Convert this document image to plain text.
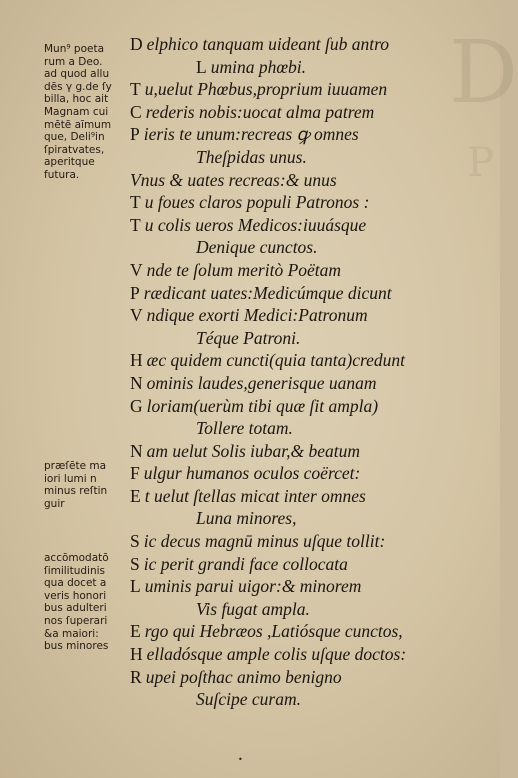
D
P
Mun⁹ poeta
rum a Deo.
ad quod allu
dēs γ g.de ſy
billa, hoc ait
Magnam cui
mētē aīmum
que, Deli⁹in
ſpiratvates,
aperitque
futura.
præſēte ma
iori lumi n
minus reſtin
guir
accōmodatō
ſimilitudinis
qua docet a
veris honori
bus adulteri
nos ſuperari
&a maiori:
bus minores
D elphico tanquam uideant ſub antro
L umina phœbi.
T u,uelut Phœbus,proprium iuuamen
C rederis nobis:uocat alma patrem
P ieris te unum:recreas ꝙ omnes
Theſpidas unus.
Vnus & uates recreas:& unus
T u foues claros populi Patronos :
T u colis ueros Medicos:iuuásque
Denique cunctos.
V nde te ſolum meritò Poëtam
P rædicant uates:Medicúmque dicunt
V ndique exorti Medici:Patronum
Téque Patroni.
H æc quidem cuncti(quia tanta)credunt
N ominis laudes,generisque uanam
G loriam(uerùm tibi quæ ſit ampla)
Tollere totam.
N am uelut Solis iubar,& beatum
F ulgur humanos oculos coërcet:
E t uelut ſtellas micat inter omnes
Luna minores,
S ic decus magnū minus uſque tollit:
S ic perit grandi face collocata
L uminis parui uigor:& minorem
Vis fugat ampla.
E rgo qui Hebræos ,Latiósque cunctos,
H elladósque ample colis uſque doctos:
R upei poſthac animo benigno
Suſcipe curam.
•
